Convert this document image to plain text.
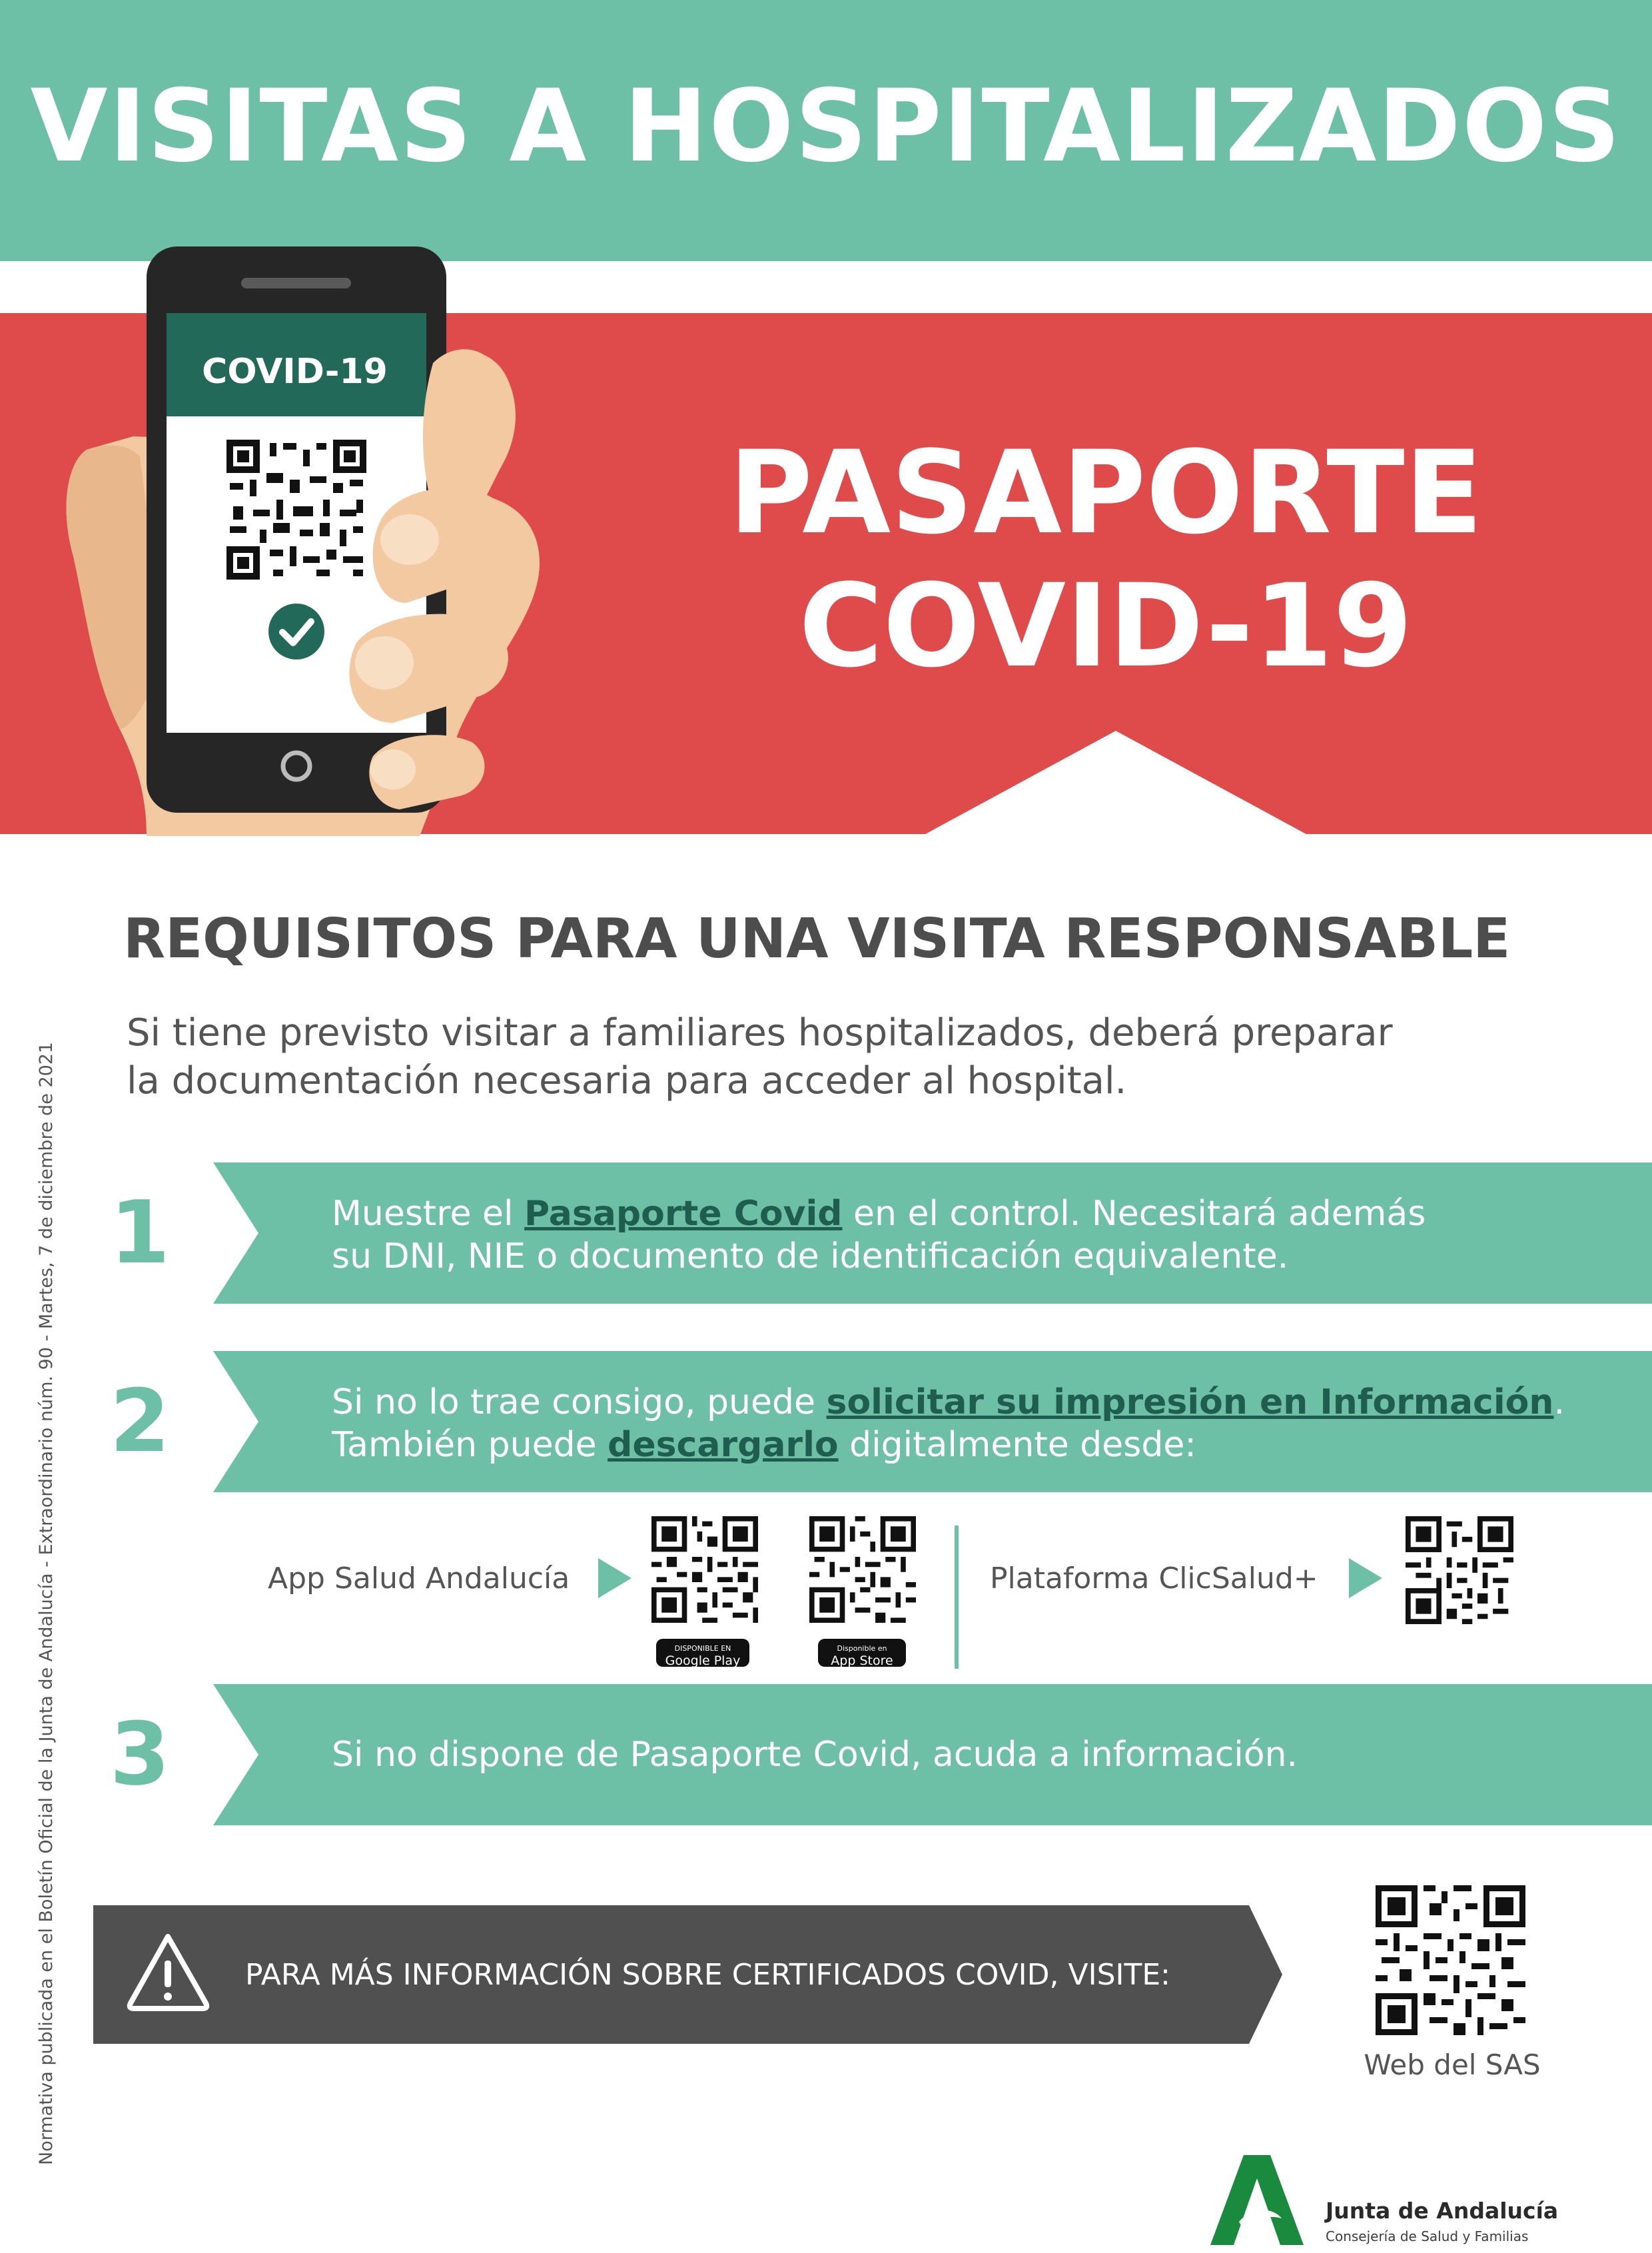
VISITAS A HOSPITALIZADOS
PASAPORTE
COVID-19
COVID-19
REQUISITOS PARA UNA VISITA RESPONSABLE
Si tiene previsto visitar a familiares hospitalizados, deberá preparar
la documentación necesaria para acceder al hospital.
1	Muestre el Pasaporte Covid en el control. Necesitará además
su DNI, NIE o documento de identificación equivalente.
2	Si no lo trae consigo, puede solicitar su impresión en Información.
También puede descargarlo digitalmente desde:
App Salud Andalucía
DISPONIBLE EN
Google Play
Disponible en
App Store
Plataforma ClicSalud+
3	Si no dispone de Pasaporte Covid, acuda a información.
PARA MÁS INFORMACIÓN SOBRE CERTIFICADOS COVID, VISITE:
Web del SAS
Normativa publicada en el Boletín Oficial de la Junta de Andalucía - Extraordinario núm. 90 - Martes, 7 de diciembre de 2021
Junta de Andalucía
Consejería de Salud y Familias
